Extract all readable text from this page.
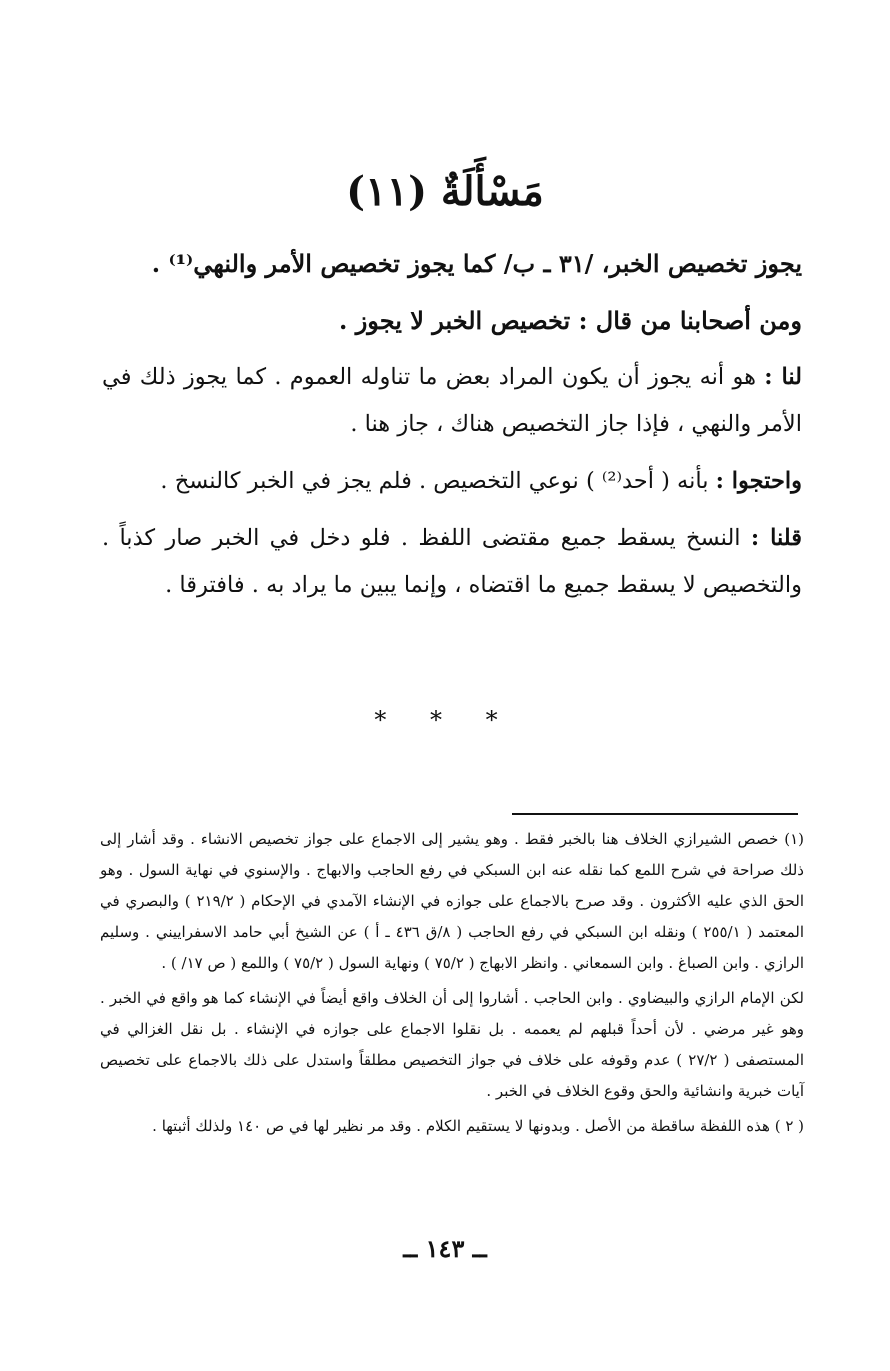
مَسْأَلَةٌ (١١)

يجوز تخصيص الخبر، /٣١ ـ ب/ كما يجوز تخصيص الأمر والنهي⁽¹⁾ .

ومن أصحابنا من قال : تخصيص الخبر لا يجوز .

لنا : هو أنه يجوز أن يكون المراد بعض ما تناوله العموم . كما يجوز ذلك في الأمر والنهي ، فإذا جاز التخصيص هناك ، جاز هنا .

واحتجوا : بأنه ( أحد⁽²⁾ ) نوعي التخصيص . فلم يجز في الخبر كالنسخ .

قلنا : النسخ يسقط جميع مقتضى اللفظ . فلو دخل في الخبر صار كذباً . والتخصيص لا يسقط جميع ما اقتضاه ، وإنما يبين ما يراد به . فافترقا .

* * *

(١) خصص الشيرازي الخلاف هنا بالخبر فقط . وهو يشير إلى الاجماع على جواز تخصيص الانشاء . وقد أشار إلى ذلك صراحة في شرح اللمع كما نقله عنه ابن السبكي في رفع الحاجب والابهاج . والإسنوي في نهاية السول . وهو الحق الذي عليه الأكثرون . وقد صرح بالاجماع على جوازه في الإنشاء الآمدي في الإحكام ( ٢١٩/٢ ) والبصري في المعتمد ( ٢٥٥/١ ) ونقله ابن السبكي في رفع الحاجب ( ٨/ق ٤٣٦ ـ أ ) عن الشيخ أبي حامد الاسفراييني . وسليم الرازي . وابن الصباغ . وابن السمعاني . وانظر الابهاج ( ٧٥/٢ ) ونهاية السول ( ٧٥/٢ ) واللمع ( ص ١٧/ ) .

لكن الإمام الرازي والبيضاوي . وابن الحاجب . أشاروا إلى أن الخلاف واقع أيضاً في الإنشاء كما هو واقع في الخبر . وهو غير مرضي . لأن أحداً قبلهم لم يعممه . بل نقلوا الاجماع على جوازه في الإنشاء . بل نقل الغزالي في المستصفى ( ٢٧/٢ ) عدم وقوفه على خلاف في جواز التخصيص مطلقاً واستدل على ذلك بالاجماع على تخصيص آيات خبرية وانشائية والحق وقوع الخلاف في الخبر .

( ٢ ) هذه اللفظة ساقطة من الأصل . وبدونها لا يستقيم الكلام . وقد مر نظير لها في ص ١٤٠ ولذلك أثبتها .

ــ ١٤٣ ــ
